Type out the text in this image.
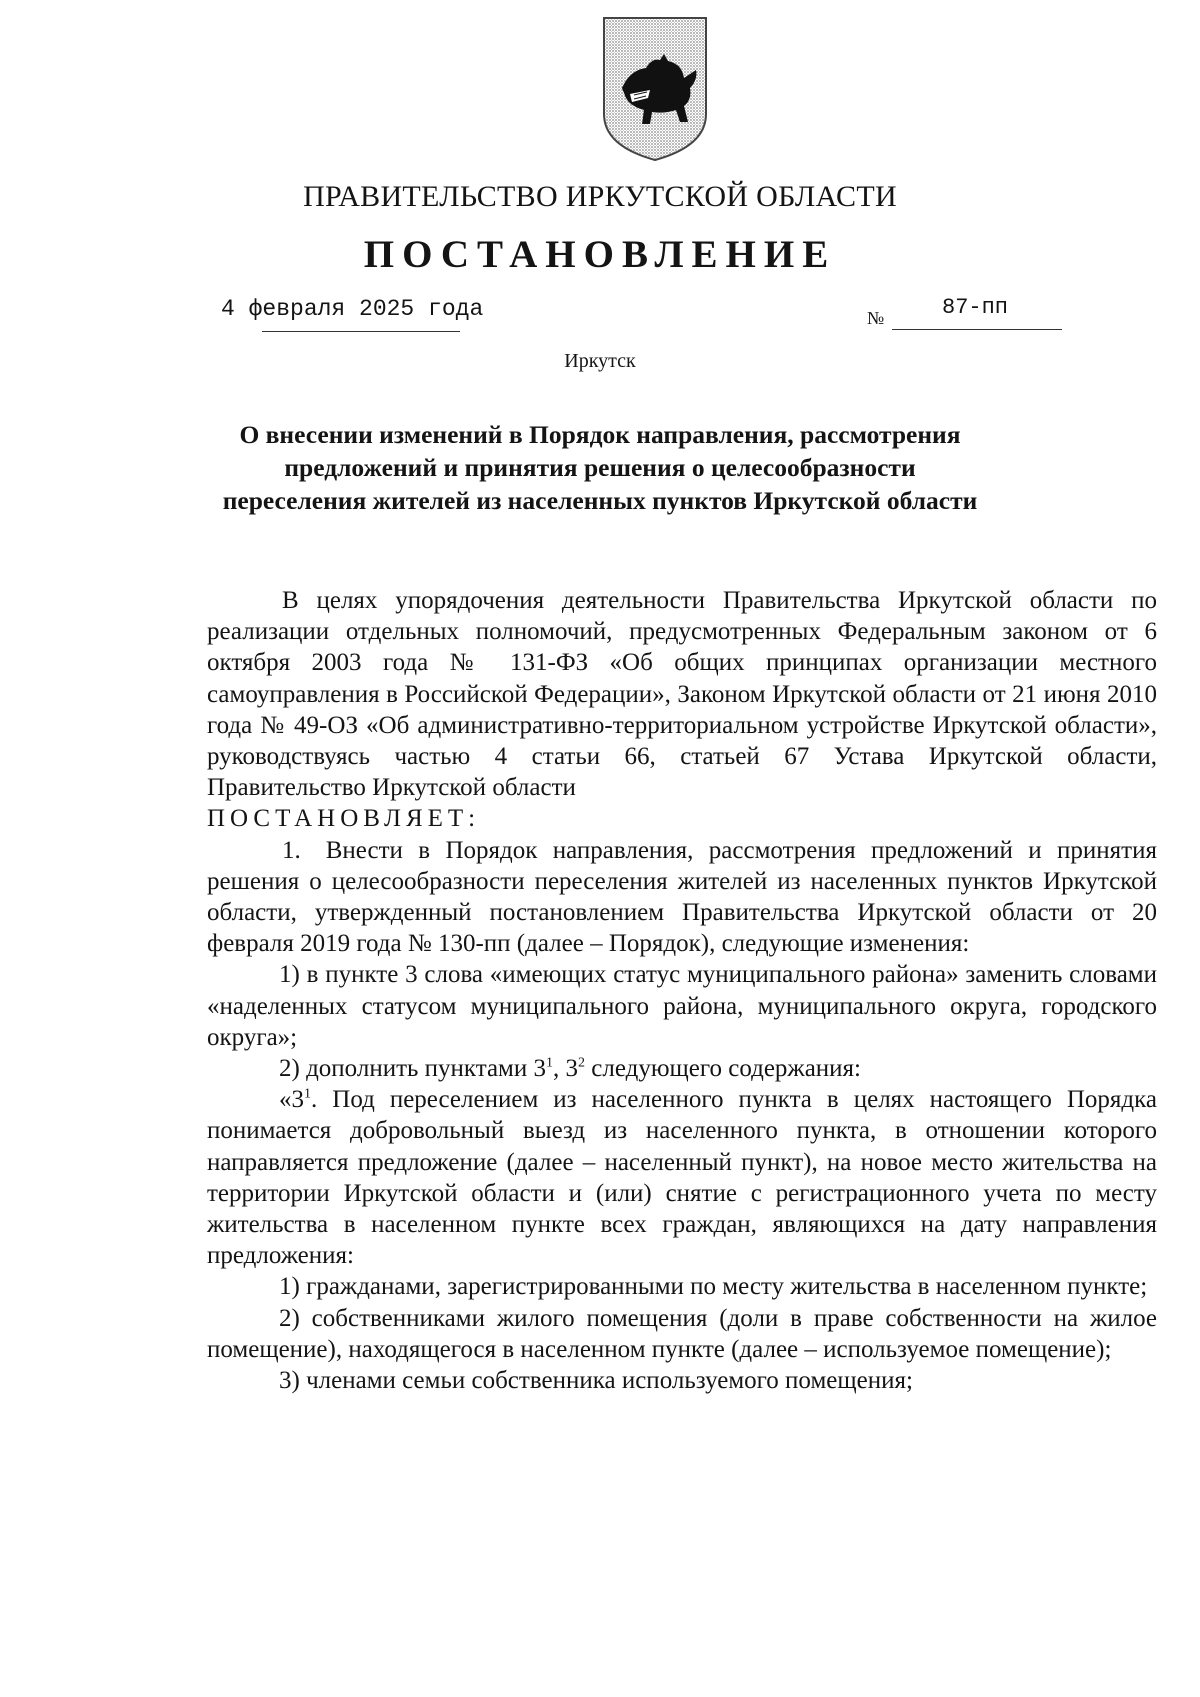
ПРАВИТЕЛЬСТВО ИРКУТСКОЙ ОБЛАСТИ
ПОСТАНОВЛЕНИЕ
4 февраля 2025 года	№	87-пп
Иркутск
О внесении изменений в Порядок направления, рассмотрения предложений и принятия решения о целесообразности переселения жителей из населенных пунктов Иркутской области

В целях упорядочения деятельности Правительства Иркутской области по реализации отдельных полномочий, предусмотренных Федеральным законом от 6 октября 2003 года № 131-ФЗ «Об общих принципах организации местного самоуправления в Российской Федерации», Законом Иркутской области от 21 июня 2010 года № 49-ОЗ «Об административно-территориальном устройстве Иркутской области», руководствуясь частью 4 статьи 66, статьей 67 Устава Иркутской области, Правительство Иркутской области

ПОСТАНОВЛЯЕТ:

1. Внести в Порядок направления, рассмотрения предложений и принятия решения о целесообразности переселения жителей из населенных пунктов Иркутской области, утвержденный постановлением Правительства Иркутской области от 20 февраля 2019 года № 130-пп (далее – Порядок), следующие изменения:

1) в пункте 3 слова «имеющих статус муниципального района» заменить словами «наделенных статусом муниципального района, муниципального округа, городского округа»;

2) дополнить пунктами $3^1$, $3^2$ следующего содержания:

«$3^1$. Под переселением из населенного пункта в целях настоящего Порядка понимается добровольный выезд из населенного пункта, в отношении которого направляется предложение (далее – населенный пункт), на новое место жительства на территории Иркутской области и (или) снятие с регистрационного учета по месту жительства в населенном пункте всех граждан, являющихся на дату направления предложения:

1) гражданами, зарегистрированными по месту жительства в населенном пункте;

2) собственниками жилого помещения (доли в праве собственности на жилое помещение), находящегося в населенном пункте (далее – используемое помещение);

3) членами семьи собственника используемого помещения;
